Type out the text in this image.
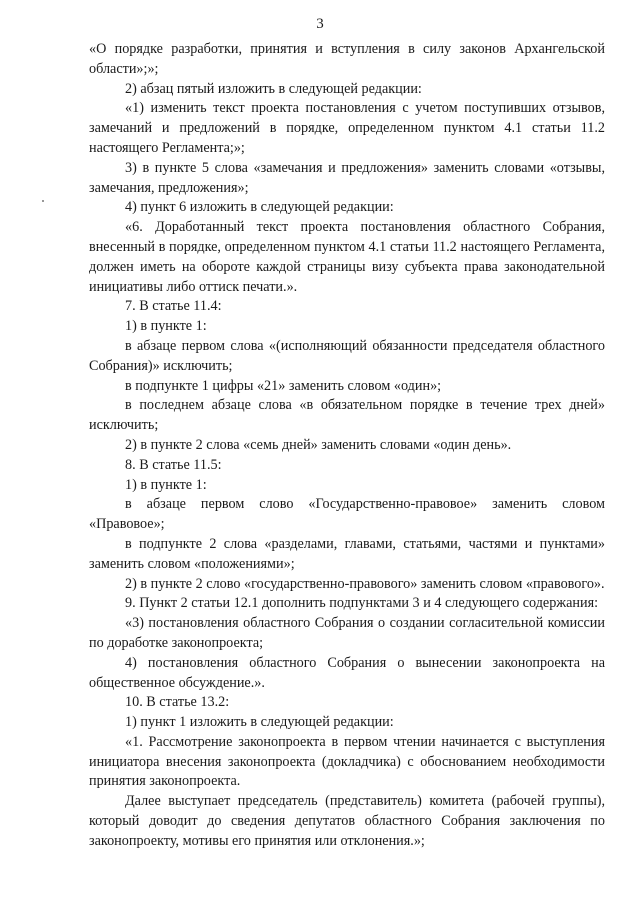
3

«О порядке разработки, принятия и вступления в силу законов Архангельской области»;»;

2) абзац пятый изложить в следующей редакции:

«1) изменить текст проекта постановления с учетом поступивших отзывов, замечаний и предложений в порядке, определенном пунктом 4.1 статьи 11.2 настоящего Регламента;»;

3) в пункте 5 слова «замечания и предложения» заменить словами «отзывы, замечания, предложения»;

4) пункт 6 изложить в следующей редакции:

«6. Доработанный текст проекта постановления областного Собрания, внесенный в порядке, определенном пунктом 4.1 статьи 11.2 настоящего Регламента, должен иметь на обороте каждой страницы визу субъекта права законодательной инициативы либо оттиск печати.».

7. В статье 11.4:

1) в пункте 1:

в абзаце первом слова «(исполняющий обязанности председателя областного Собрания)» исключить;

в подпункте 1 цифры «21» заменить словом «один»;

в последнем абзаце слова «в обязательном порядке в течение трех дней» исключить;

2) в пункте 2 слова «семь дней» заменить словами «один день».

8. В статье 11.5:

1) в пункте 1:

в абзаце первом слово «Государственно-правовое» заменить словом «Правовое»;

в подпункте 2 слова «разделами, главами, статьями, частями и пунктами» заменить словом «положениями»;

2) в пункте 2 слово «государственно-правового» заменить словом «правового».

9. Пункт 2 статьи 12.1 дополнить подпунктами 3 и 4 следующего содержания:

«3) постановления областного Собрания о создании согласительной комиссии по доработке законопроекта;

4) постановления областного Собрания о вынесении законопроекта на общественное обсуждение.».

10. В статье 13.2:

1) пункт 1 изложить в следующей редакции:

«1. Рассмотрение законопроекта в первом чтении начинается с выступления инициатора внесения законопроекта (докладчика) с обоснованием необходимости принятия законопроекта.

Далее выступает председатель (представитель) комитета (рабочей группы), который доводит до сведения депутатов областного Собрания заключения по законопроекту, мотивы его принятия или отклонения.»;
